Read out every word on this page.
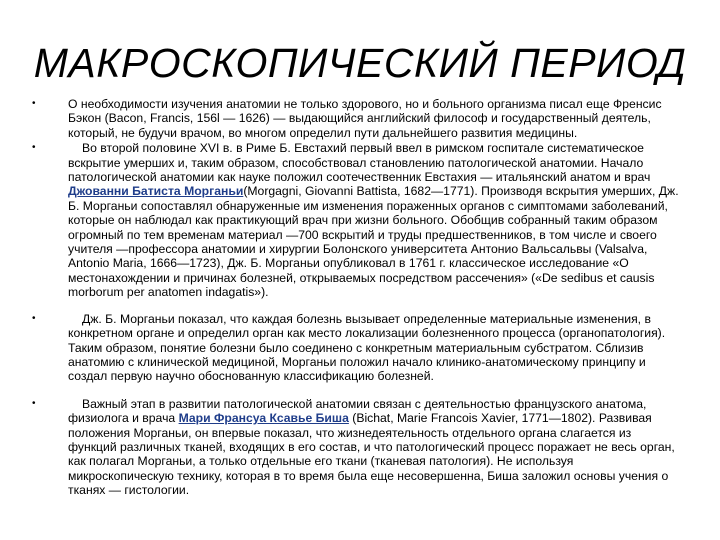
МАКРОСКОПИЧЕСКИЙ ПЕРИОД
•	О необходимости изучения анатомии не только здорового, но и больного организма писал еще Френсис Бэкон (Bacon, Francis, 156l — 1626) — выдающийся английский философ и государственный деятель, который, не будучи врачом, во многом определил пути дальнейшего развития медицины.
•	Во второй половине XVI в. в Риме Б. Евстахий первый ввел в римском госпитале систематическое вскрытие умерших и, таким образом, способствовал становлению патологической анатомии. Начало патологической анатомии как науке положил соотечественник Евстахия — итальянский анатом и врач Джованни Батиста Морганьи(Morgagni, Giovanni Battista, 1682—1771). Производя вскрытия умерших, Дж. Б. Морганьи сопоставлял обнаруженные им изменения пораженных органов с симптомами заболеваний, которые он наблюдал как практикующий врач при жизни больного. Обобщив собранный таким образом огромный по тем временам материал —700 вскрытий и труды предшественников, в том числе и своего учителя —профессора анатомии и хирургии Болонского университета Антонио Вальсальвы (Valsalva, Antonio Maria, 1666—1723), Дж. Б. Морганьи опубликовал в 1761 г. классическое исследование «О местонахождении и причинах болезней, открываемых посредством рассечения» («De sedibus et causis morborum per anatomen indagatis»).
•	Дж. Б. Морганьи показал, что каждая болезнь вызывает определенные материальные изменения, в конкретном органе и определил орган как место локализации болезненного процесса (органопатология). Таким образом, понятие болезни было соединено с конкретным материальным субстратом. Сблизив анатомию с клинической медициной, Морганьи положил начало клинико-анатомическому принципу и создал первую научно обоснованную классификацию болезней.
•	Важный этап в развитии патологической анатомии связан с деятельностью французского анатома, физиолога и врача Мари Франсуа Ксавье Биша (Bichat, Marie Francois Xavier, 1771—1802). Развивая положения Морганьи, он впервые показал, что жизнедеятельность отдельного органа слагается из функций различных тканей, входящих в его состав, и что патологический процесс поражает не весь орган, как полагал Морганьи, а только отдельные его ткани (тканевая патология). Не используя микроскопическую технику, которая в то время была еще несовершенна, Биша заложил основы учения о тканях — гистологии.
